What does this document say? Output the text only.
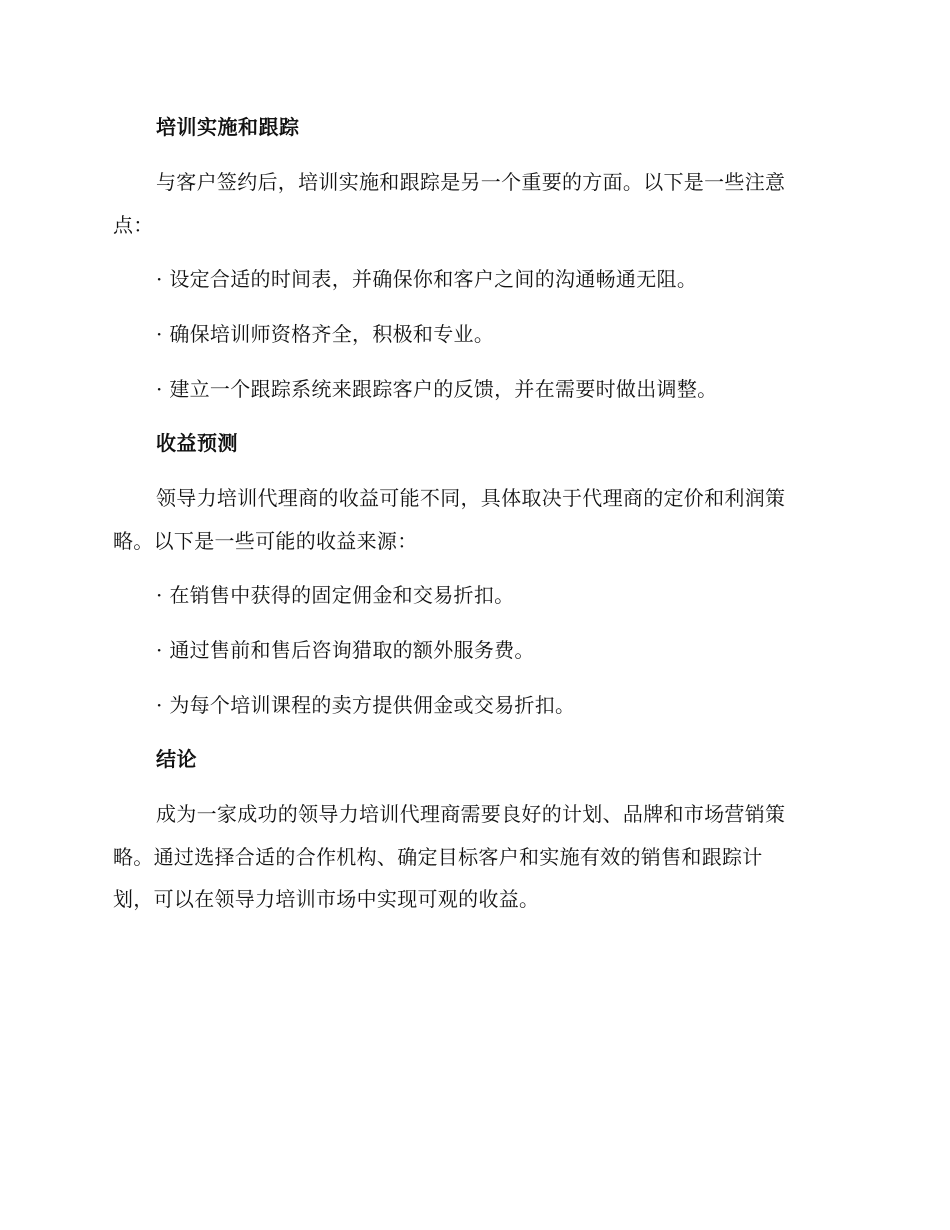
培训实施和跟踪
与客户签约后，培训实施和跟踪是另一个重要的方面。以下是一些注意
点：
· 设定合适的时间表，并确保你和客户之间的沟通畅通无阻。
· 确保培训师资格齐全，积极和专业。
· 建立一个跟踪系统来跟踪客户的反馈，并在需要时做出调整。
收益预测
领导力培训代理商的收益可能不同，具体取决于代理商的定价和利润策
略。以下是一些可能的收益来源：
· 在销售中获得的固定佣金和交易折扣。
· 通过售前和售后咨询猎取的额外服务费。
· 为每个培训课程的卖方提供佣金或交易折扣。
结论
成为一家成功的领导力培训代理商需要良好的计划、品牌和市场营销策
略。通过选择合适的合作机构、确定目标客户和实施有效的销售和跟踪计
划，可以在领导力培训市场中实现可观的收益。
